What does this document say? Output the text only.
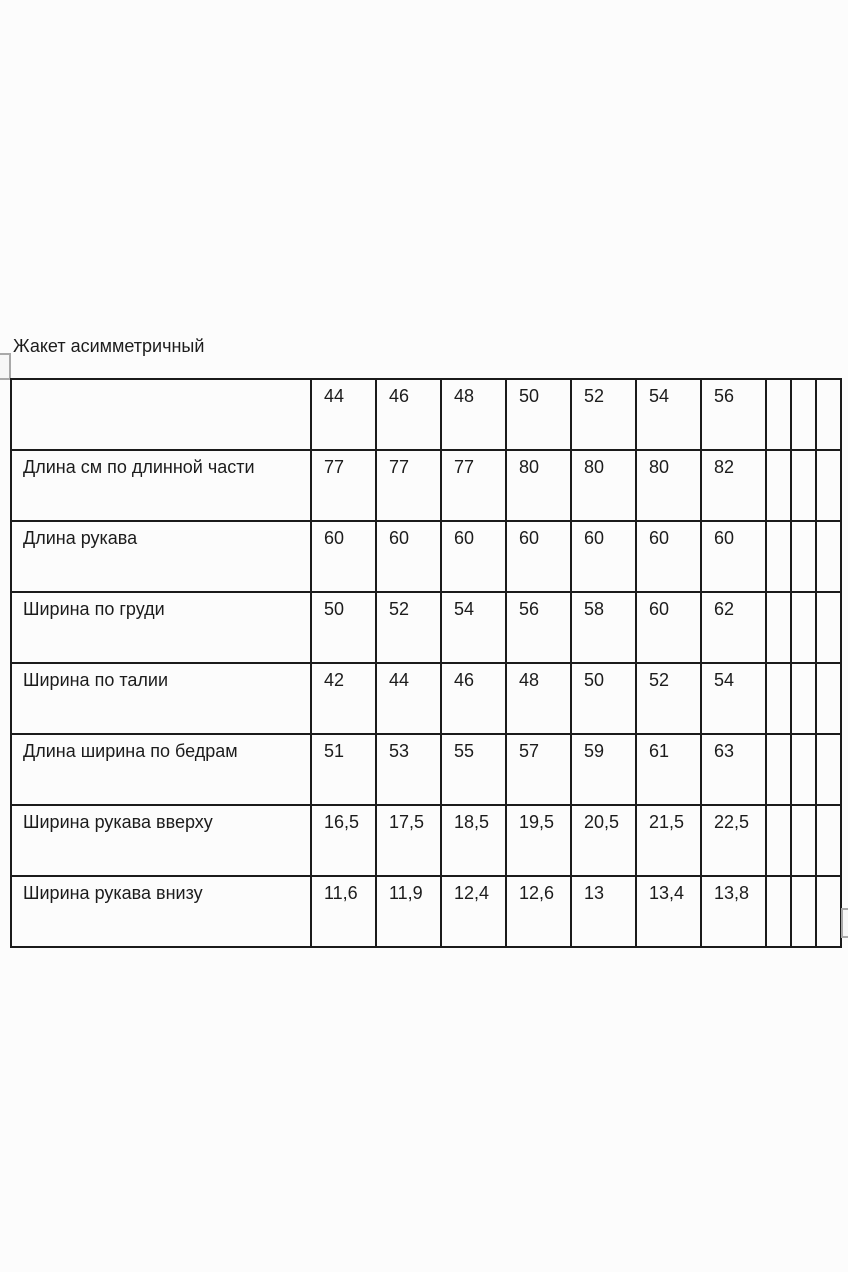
Жакет асимметричный
	44	46	48	50	52	54	56			
Длина см по длинной части	77	77	77	80	80	80	82			
Длина рукава	60	60	60	60	60	60	60			
Ширина по груди	50	52	54	56	58	60	62			
Ширина по талии	42	44	46	48	50	52	54			
Длина ширина по бедрам	51	53	55	57	59	61	63			
Ширина рукава вверху	16,5	17,5	18,5	19,5	20,5	21,5	22,5			
Ширина рукава внизу	11,6	11,9	12,4	12,6	13	13,4	13,8			
